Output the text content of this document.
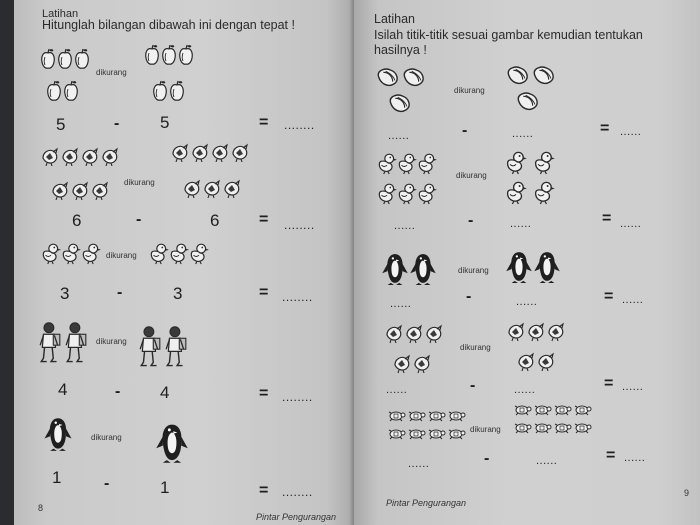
Latihan
Hitunglah bilangan dibawah ini dengan tepat !
dikurang
5	- 5	= ........
dikurang
6	-	6 = ........
dikurang
3	-	3	= ........
dikurang
4	- 4	= ........
dikurang
1	-	1	= ........
8
Pintar Pengurangan
Latihan
Isilah titik-titik sesuai gambar kemudian tentukan
hasilnya !
dikurang
......	-	......	= ......
dikurang
......	-	......	= ......
dikurang
......	-	......	= ......
dikurang
......	-	......	= ......
dikurang
......	-	......	= ......
9
Pintar Pengurangan
